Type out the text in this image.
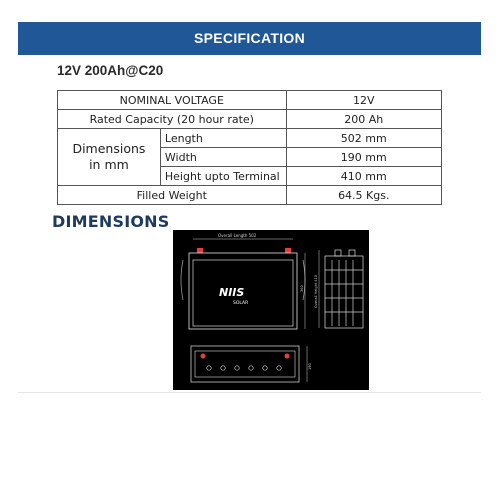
SPECIFICATION
12V 200Ah@C20
NOMINAL VOLTAGE		12V
Rated Capacity (20 hour rate)		200 Ah
Dimensions
in mm	Length	502 mm
	Width	190 mm
	Height upto Terminal	410 mm
Filled Weight		64.5 Kgs.
DIMENSIONS
Overall Length 502
NIIS
SOLAR	Overall Height 410
360
190
